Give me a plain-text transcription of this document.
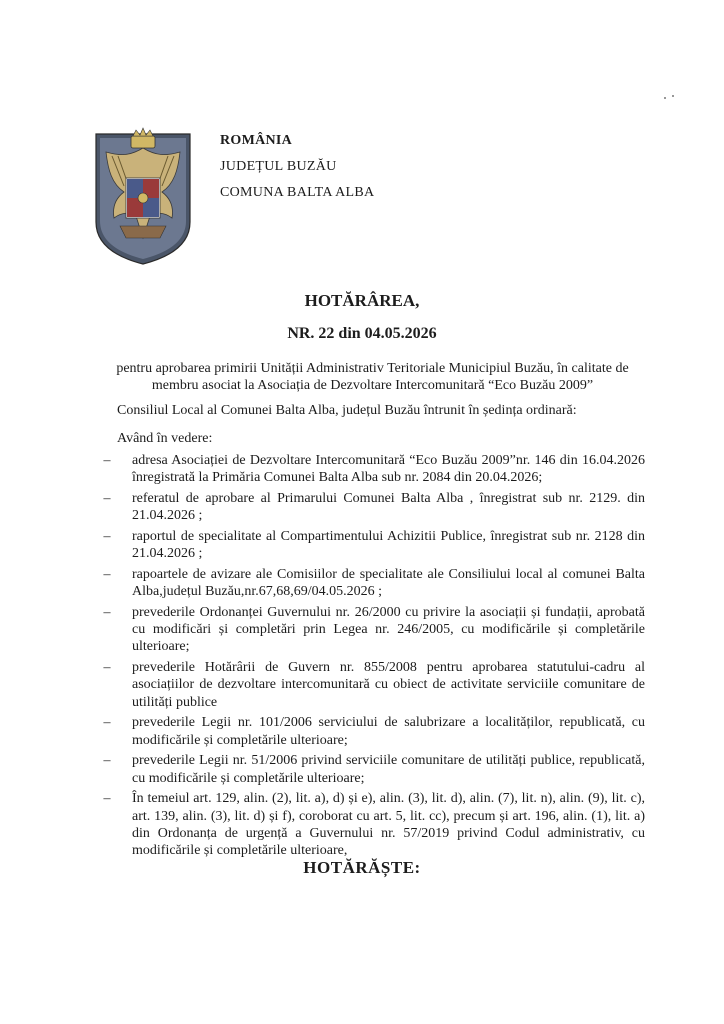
ROMÂNIA
JUDEȚUL BUZĂU
COMUNA BALTA ALBA
HOTĂRÂREA,
NR. 22 din 04.05.2026
pentru aprobarea primirii Unității Administrativ Teritoriale Municipiul Buzău, în calitate de membru asociat la Asociația de Dezvoltare Intercomunitară “Eco Buzău 2009”
Consiliul Local al Comunei Balta Alba, județul Buzău întrunit în ședința ordinară:
Având în vedere:
– adresa Asociației de Dezvoltare Intercomunitară “Eco Buzău 2009”nr. 146 din 16.04.2026 înregistrată la Primăria Comunei Balta Alba sub nr. 2084 din 20.04.2026;
– referatul de aprobare al Primarului Comunei Balta Alba , înregistrat sub nr. 2129. din 21.04.2026 ;
– raportul de specialitate al Compartimentului Achizitii Publice, înregistrat sub nr. 2128 din 21.04.2026 ;
– rapoartele de avizare ale Comisiilor de specialitate ale Consiliului local al comunei Balta Alba,județul Buzău,nr.67,68,69/04.05.2026 ;
– prevederile Ordonanței Guvernului nr. 26/2000 cu privire la asociații și fundații, aprobată cu modificări și completări prin Legea nr. 246/2005, cu modificările și completările ulterioare;
– prevederile Hotărârii de Guvern nr. 855/2008 pentru aprobarea statutului-cadru al asociațiilor de dezvoltare intercomunitară cu obiect de activitate serviciile comunitare de utilități publice
– prevederile Legii nr. 101/2006 serviciului de salubrizare a localităților, republicată, cu modificările și completările ulterioare;
– prevederile Legii nr. 51/2006 privind serviciile comunitare de utilități publice, republicată, cu modificările și completările ulterioare;
– În temeiul art. 129, alin. (2), lit. a), d) și e), alin. (3), lit. d), alin. (7), lit. n), alin. (9), lit. c), art. 139, alin. (3), lit. d) și f), coroborat cu art. 5, lit. cc), precum și art. 196, alin. (1), lit. a) din Ordonanța de urgență a Guvernului nr. 57/2019 privind Codul administrativ, cu modificările și completările ulterioare,
HOTĂRĂȘTE:
